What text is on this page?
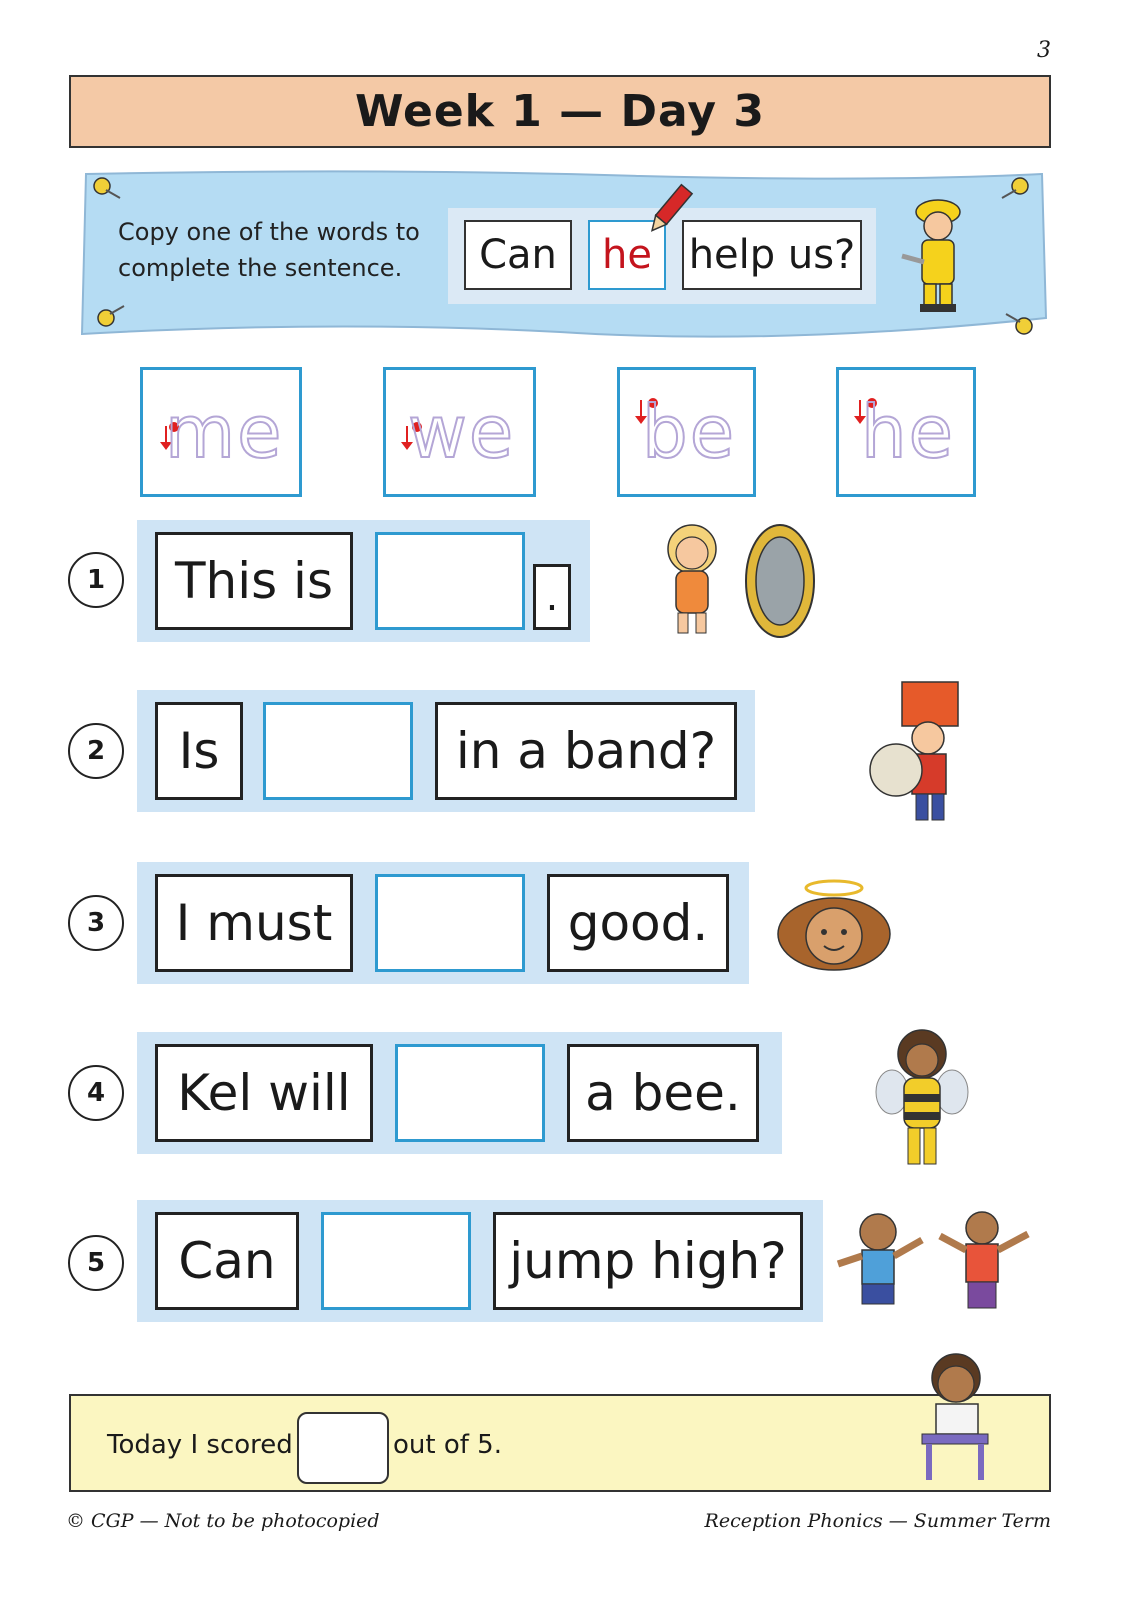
3
Week 1 — Day 3
Copy one of the words to
complete the sentence.	Can	he help us?
me we be he
1	This is	.
2	Is	in a band?
3	I must	good.
4	Kel will	a bee.
5	Can	jump high?
Today I scored	out of 5.
© CGP — Not to be photocopied	Reception Phonics — Summer Term
